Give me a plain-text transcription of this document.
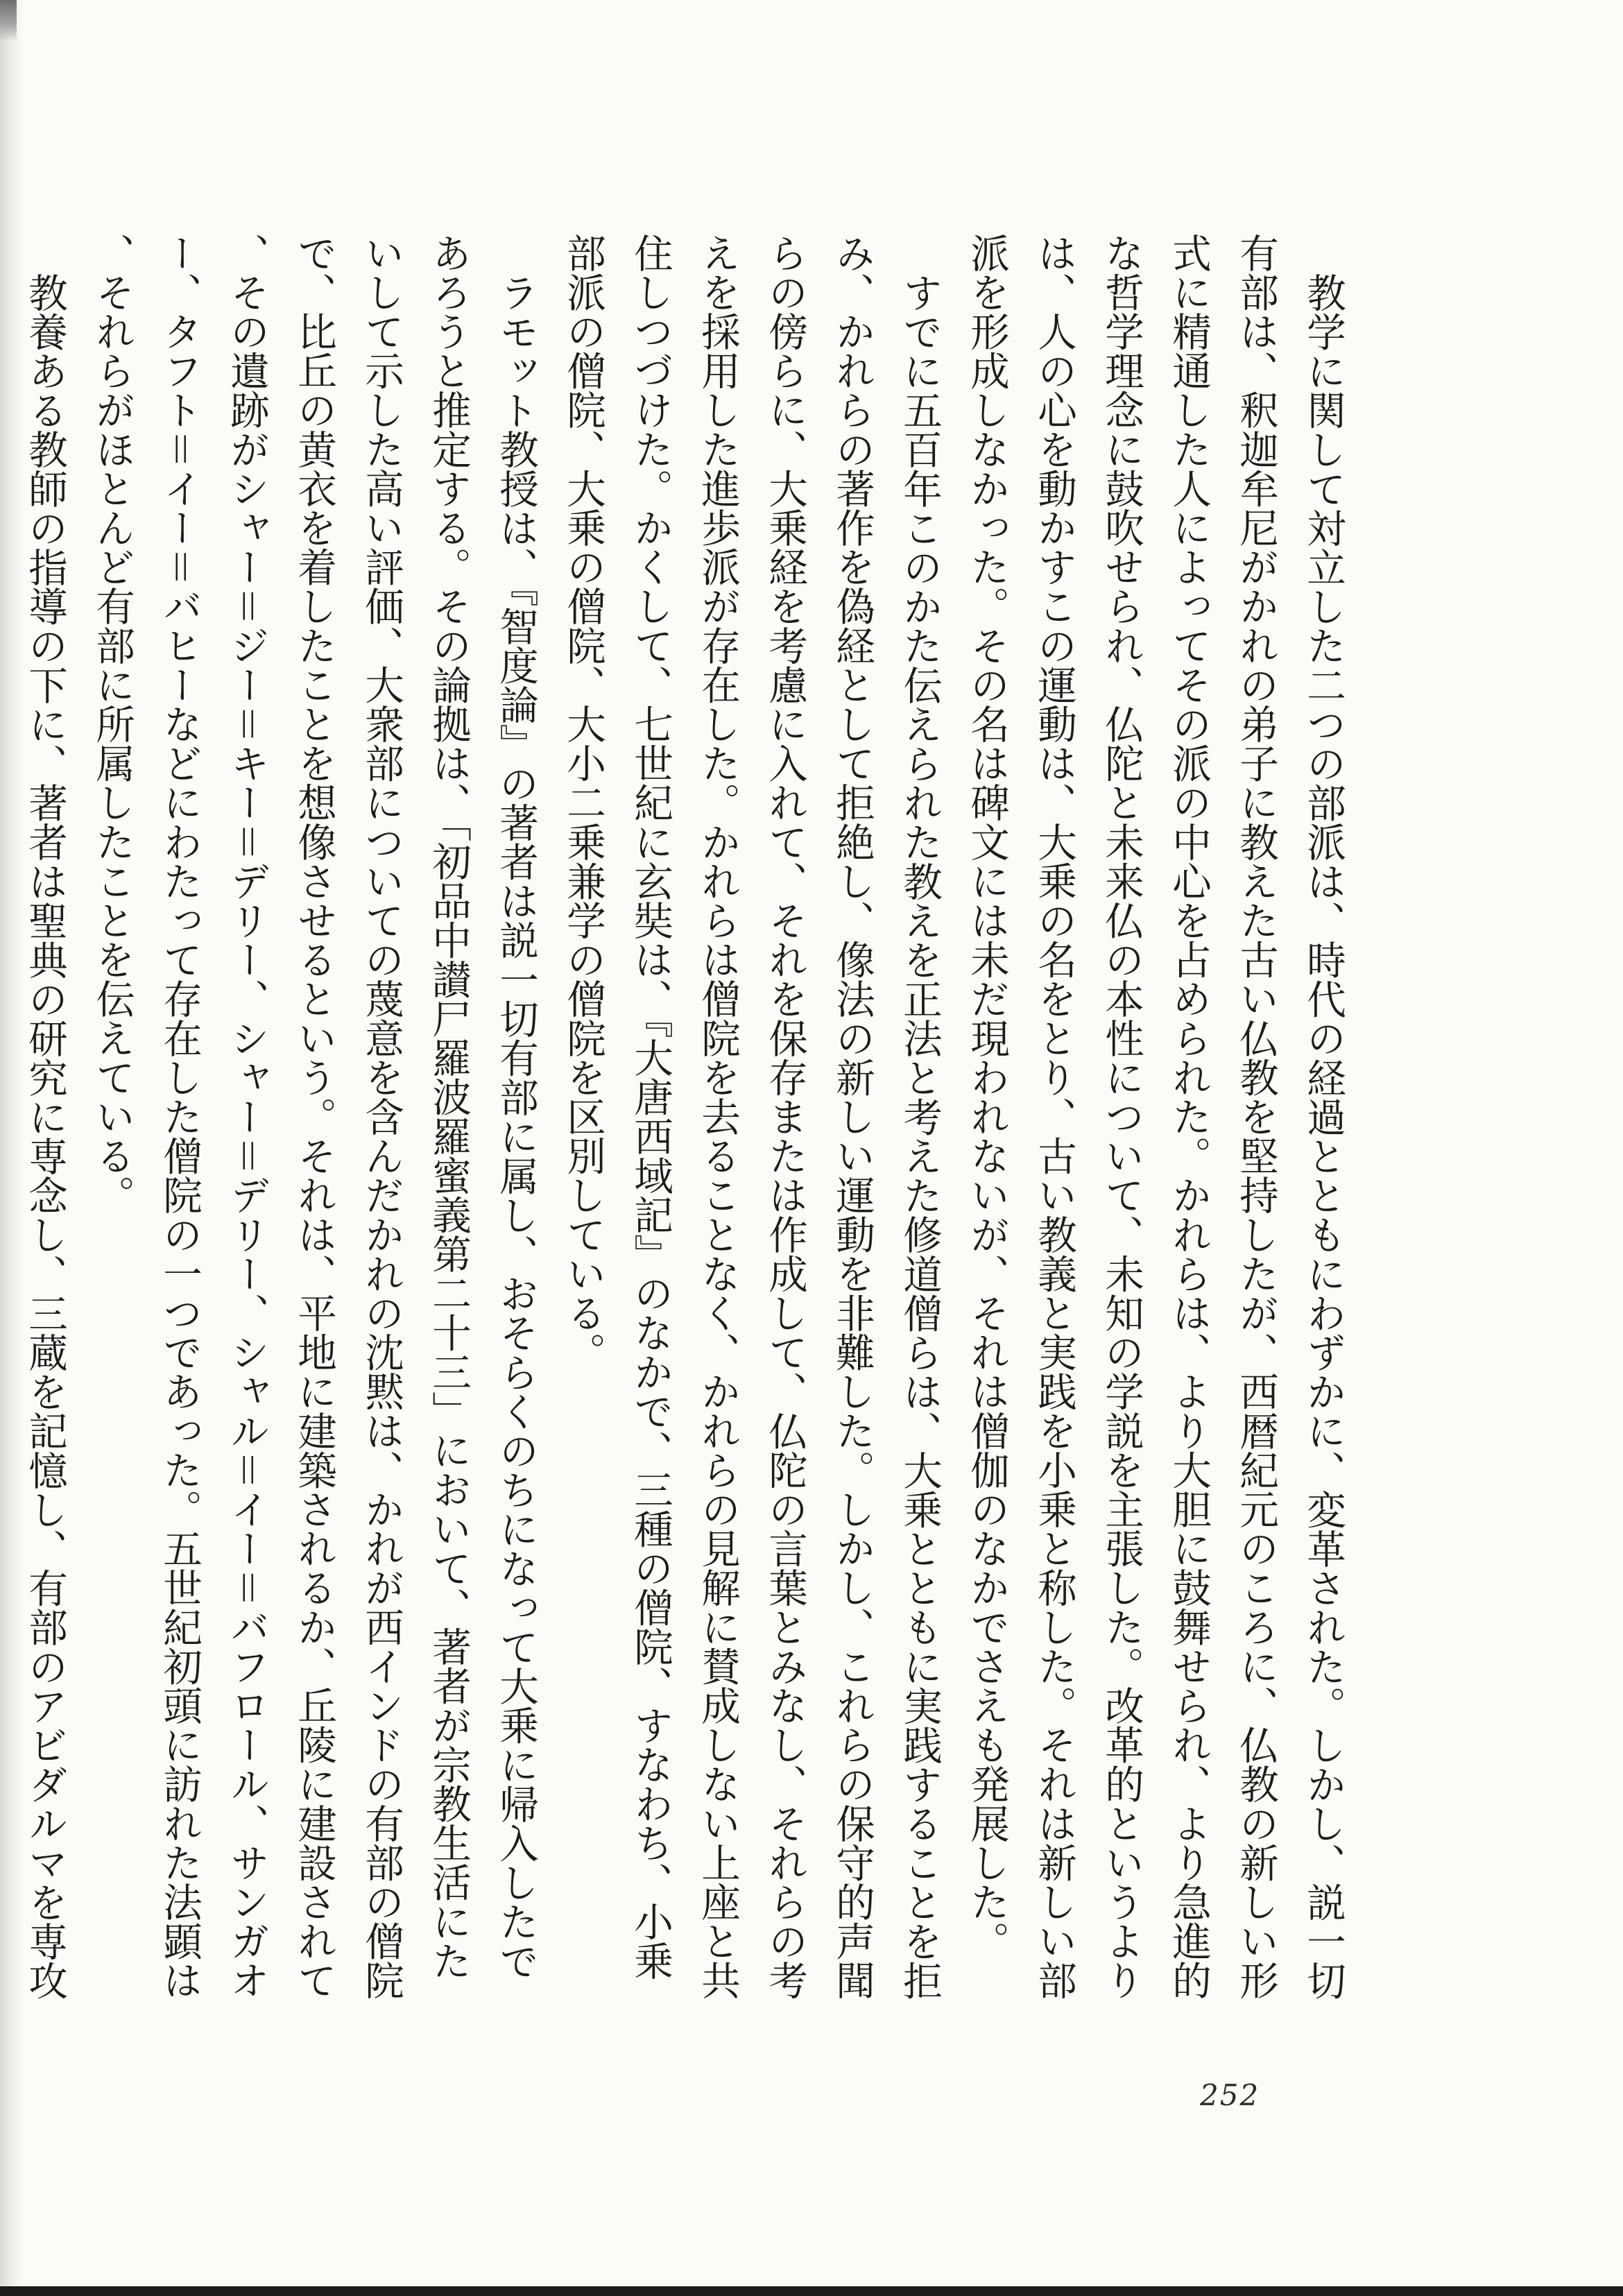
教学に関して対立した二つの部派は、時代の経過とともにわずかに、変革された。しかし、説一切有部は、釈迦牟尼がかれの弟子に教えた古い仏教を堅持したが、西暦紀元のころに、仏教の新しい形式に精通した人によってその派の中心を占められた。かれらは、より大胆に鼓舞せられ、より急進的な哲学理念に鼓吹せられ、仏陀と未来仏の本性について、未知の学説を主張した。改革的というよりは、人の心を動かすこの運動は、大乗の名をとり、古い教義と実践を小乗と称した。それは新しい部派を形成しなかった。その名は碑文には未だ現われないが、それは僧伽のなかでさえも発展した。

すでに五百年このかた伝えられた教えを正法と考えた修道僧らは、大乗とともに実践することを拒み、かれらの著作を偽経として拒絶し、像法の新しい運動を非難した。しかし、これらの保守的声聞らの傍らに、大乗経を考慮に入れて、それを保存または作成して、仏陀の言葉とみなし、それらの考えを採用した進歩派が存在した。かれらは僧院を去ることなく、かれらの見解に賛成しない上座と共住しつづけた。かくして、七世紀に玄奘は、『大唐西域記』のなかで、三種の僧院、すなわち、小乗部派の僧院、大乗の僧院、大小二乗兼学の僧院を区別している。

ラモット教授は、『智度論』の著者は説一切有部に属し、おそらくのちになって大乗に帰入したであろうと推定する。その論拠は、「初品中讃尸羅波羅蜜義第二十三」において、著者が宗教生活にたいして示した高い評価、大衆部についての蔑意を含んだかれの沈黙は、かれが西インドの有部の僧院で、比丘の黄衣を着したことを想像させるという。それは、平地に建築されるか、丘陵に建設されて、その遺跡がシャー＝ジー＝キー＝デリー、シャー＝デリー、シャル＝イー＝バフロール、サンガオー、タフト＝イー＝バヒーなどにわたって存在した僧院の一つであった。五世紀初頭に訪れた法顕は、それらがほとんど有部に所属したことを伝えている。

教養ある教師の指導の下に、著者は聖典の研究に専念し、三蔵を記憶し、有部のアビダルマを専攻

252
